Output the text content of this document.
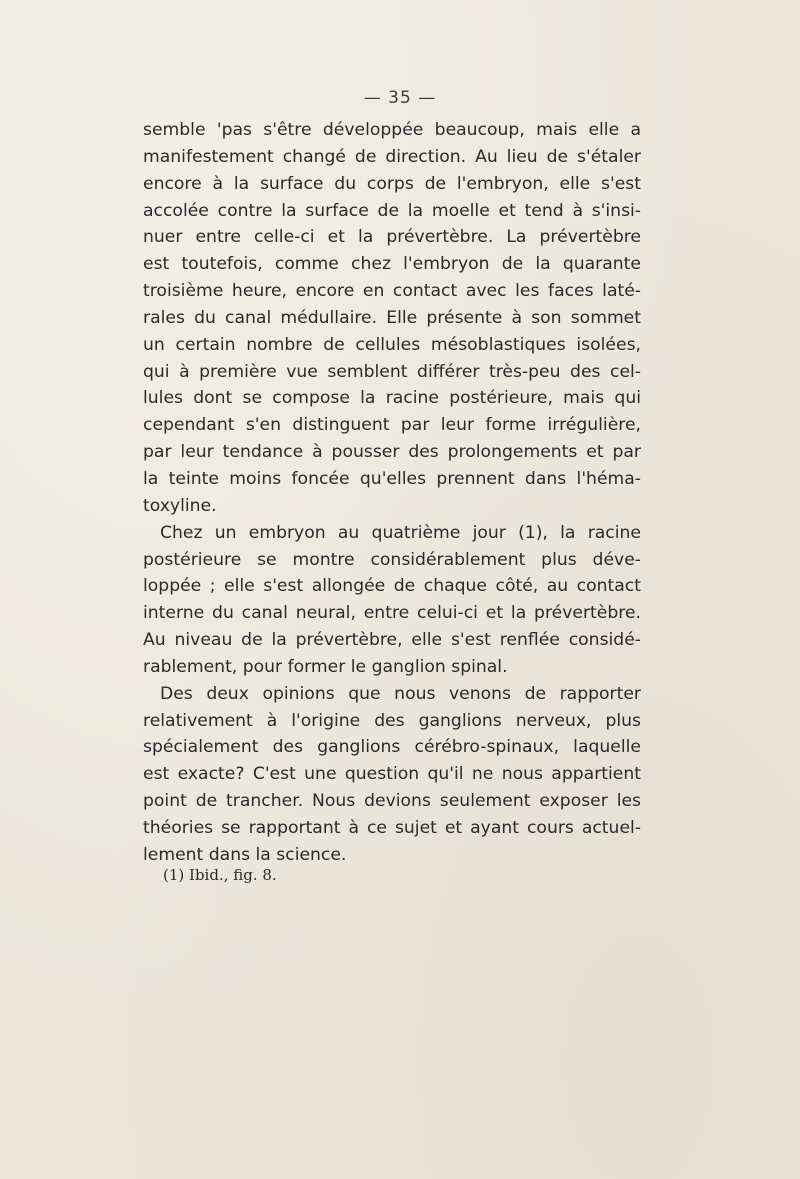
— 35 —
semble 'pas s'être développée beaucoup, mais elle a
manifestement changé de direction. Au lieu de s'étaler
encore à la surface du corps de l'embryon, elle s'est
accolée contre la surface de la moelle et tend à s'insi-
nuer entre celle-ci et la prévertèbre. La prévertèbre
est toutefois, comme chez l'embryon de la quarante
troisième heure, encore en contact avec les faces laté-
rales du canal médullaire. Elle présente à son sommet
un certain nombre de cellules mésoblastiques isolées,
qui à première vue semblent différer très-peu des cel-
lules dont se compose la racine postérieure, mais qui
cependant s'en distinguent par leur forme irrégulière,
par leur tendance à pousser des prolongements et par
la teinte moins foncée qu'elles prennent dans l'héma-
toxyline.
Chez un embryon au quatrième jour (1), la racine
postérieure se montre considérablement plus déve-
loppée ; elle s'est allongée de chaque côté, au contact
interne du canal neural, entre celui-ci et la prévertèbre.
Au niveau de la prévertèbre, elle s'est renflée considé-
rablement, pour former le ganglion spinal.
Des deux opinions que nous venons de rapporter
relativement à l'origine des ganglions nerveux, plus
spécialement des ganglions cérébro-spinaux, laquelle
est exacte? C'est une question qu'il ne nous appartient
point de trancher. Nous devions seulement exposer les
théories se rapportant à ce sujet et ayant cours actuel-
lement dans la science.
(1) Ibid., fig. 8.
